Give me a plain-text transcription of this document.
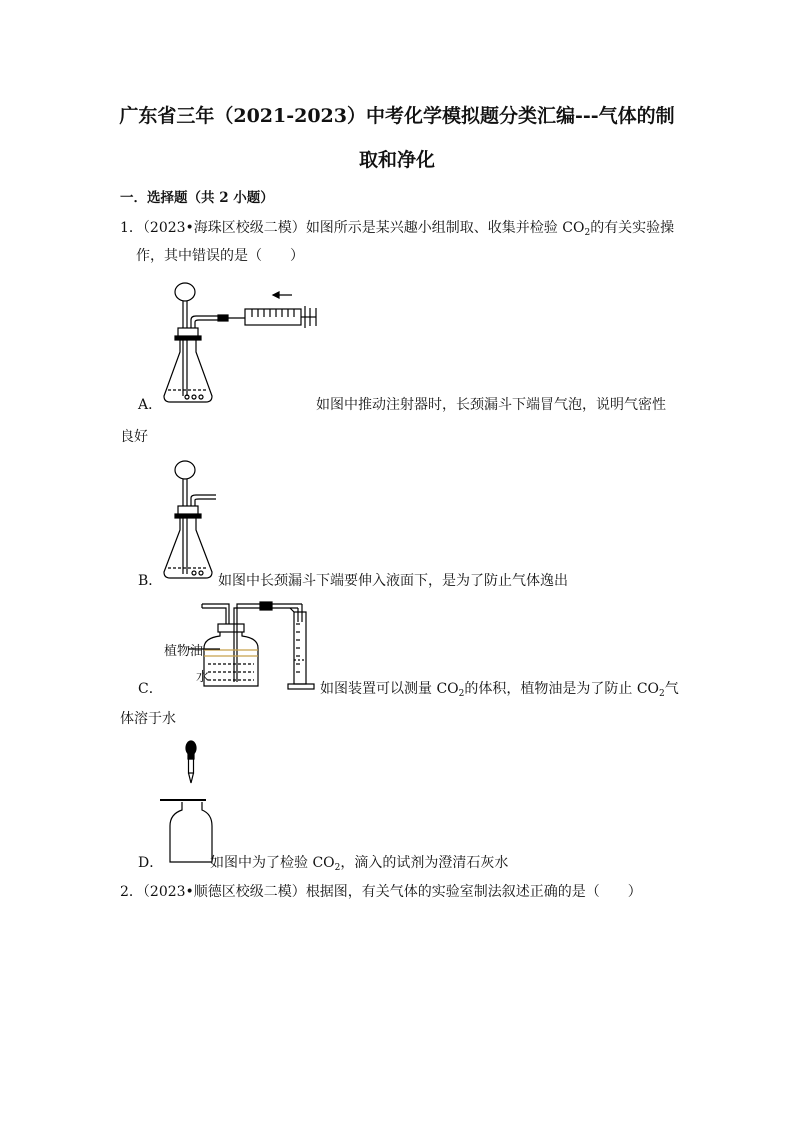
广东省三年（2021-2023）中考化学模拟题分类汇编---气体的制
取和净化
一．选择题（共 2 小题）
1．（2023•海珠区校级二模）如图所示是某兴趣小组制取、收集并检验 $CO_2$的有关实验操
作，其中错误的是（　　）
A．	如图中推动注射器时，长颈漏斗下端冒气泡，说明气密性
良好
B．	如图中长颈漏斗下端要伸入液面下，是为了防止气体逸出
植物油
水
C．	如图装置可以测量 $CO_2$的体积，植物油是为了防止 $CO_2$气
体溶于水
D．	如图中为了检验 $CO_2$，滴入的试剂为澄清石灰水
2．（2023•顺德区校级二模）根据图，有关气体的实验室制法叙述正确的是（　　）
